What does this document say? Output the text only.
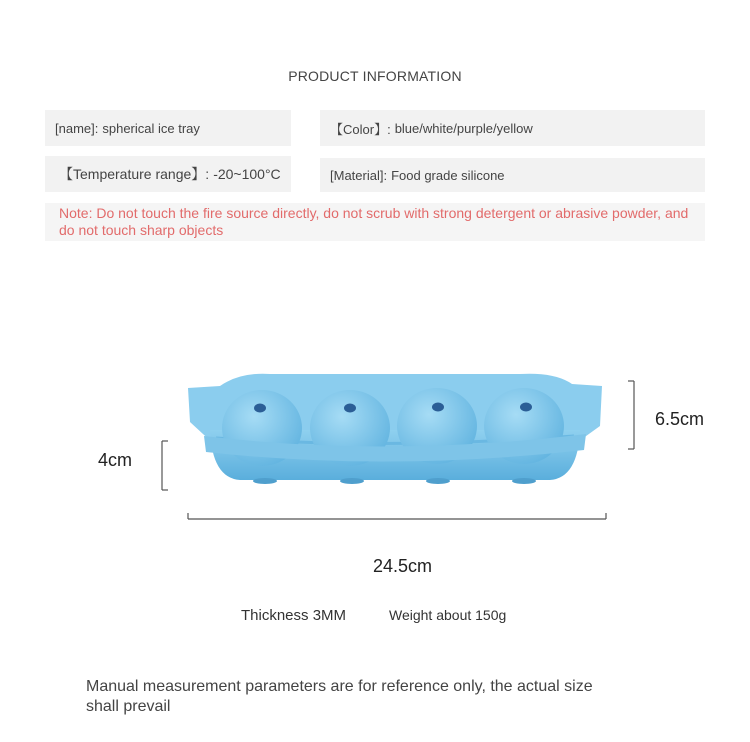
PRODUCT INFORMATION
[name]: spherical ice tray	【Color】: blue/white/purple/yellow
【Temperature range】: -20~100°C	[Material]: Food grade silicone
Note: Do not touch the fire source directly, do not scrub with strong detergent or abrasive powder, and do not touch sharp objects
6.5cm
4cm
24.5cm
Thickness 3MM	Weight about 150g
Manual measurement parameters are for reference only, the actual size shall prevail
